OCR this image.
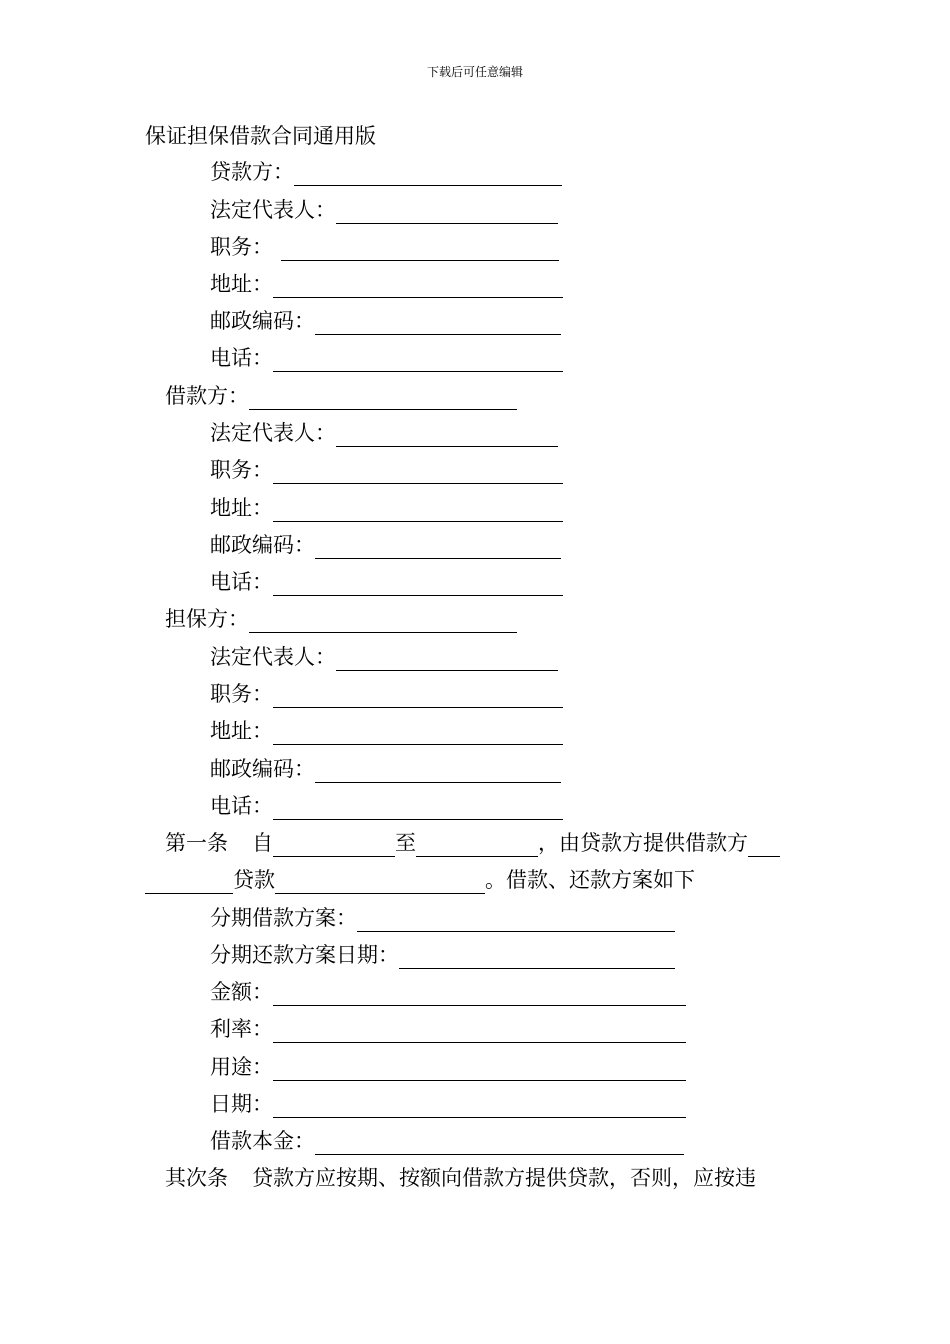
下载后可任意编辑
保证担保借款合同通用版
贷款方：
法定代表人：
职务：
地址：
邮政编码：
电话：
借款方：
法定代表人：
职务：
地址：
邮政编码：
电话：
担保方：
法定代表人：
职务：
地址：
邮政编码：
电话：
第一条 自	至	，由贷款方提供借款方
贷款	。借款、还款方案如下
分期借款方案：
分期还款方案日期：
金额：
利率：
用途：
日期：
借款本金：
其次条 贷款方应按期、按额向借款方提供贷款，否则，应按违
